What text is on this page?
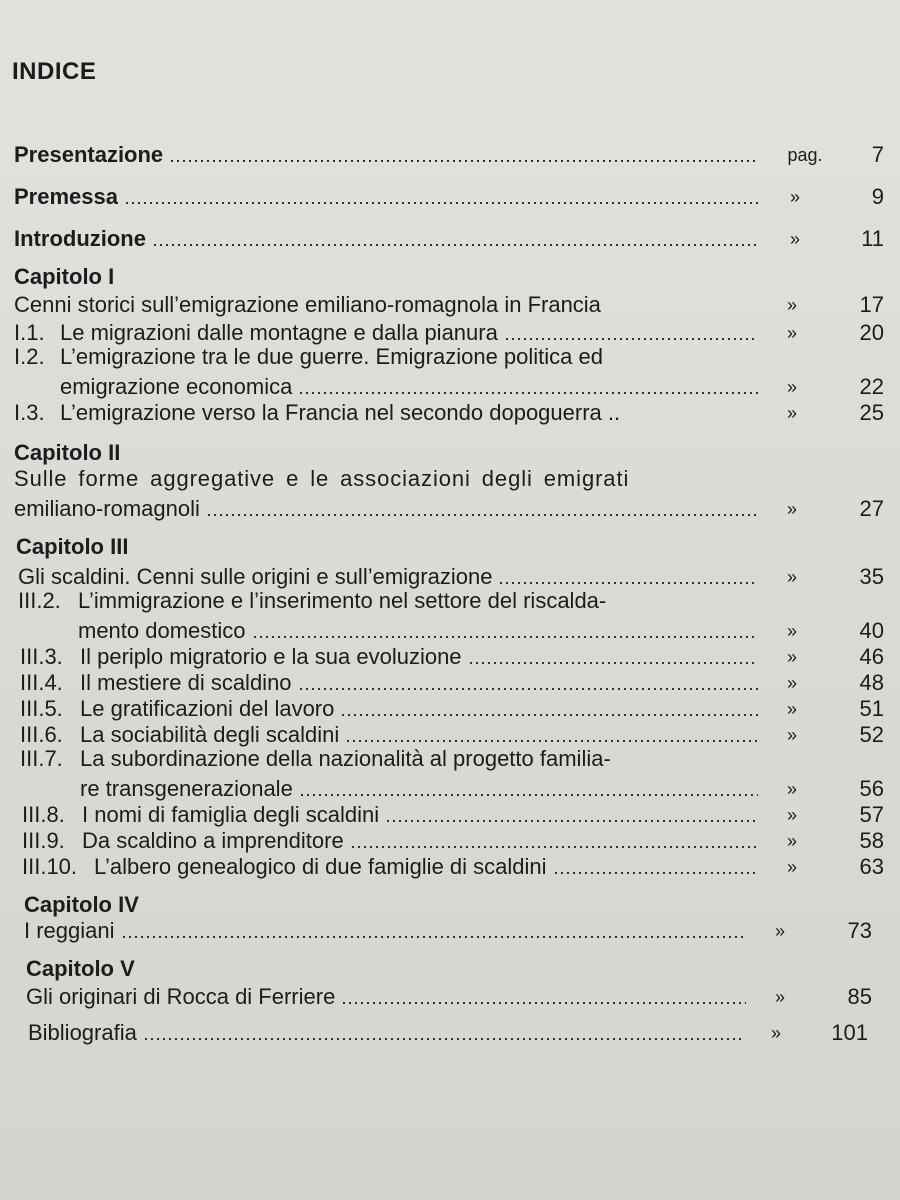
INDICE
Presentazione	pag.	7
Premessa	»	9
Introduzione	»	11
Capitolo I
Cenni storici sull’emigrazione emiliano-romagnola in Francia	»	17
I.1. Le migrazioni dalle montagne e dalla pianura	»	20
I.2. L’emigrazione tra le due guerre. Emigrazione politica ed
emigrazione economica	»	22
I.3. L’emigrazione verso la Francia nel secondo dopoguerra ..	»	25
Capitolo II
Sulle forme aggregative e le associazioni degli emigrati
emiliano-romagnoli	»	27
Capitolo III
Gli scaldini. Cenni sulle origini e sull’emigrazione	»	35
III.2. L’immigrazione e l’inserimento nel settore del riscalda-
mento domestico	»	40
III.3. Il periplo migratorio e la sua evoluzione	»	46
III.4. Il mestiere di scaldino	»	48
III.5. Le gratificazioni del lavoro	»	51
III.6. La sociabilità degli scaldini	»	52
III.7. La subordinazione della nazionalità al progetto familia-
re transgenerazionale	»	56
III.8. I nomi di famiglia degli scaldini	»	57
III.9. Da scaldino a imprenditore	»	58
III.10. L’albero genealogico di due famiglie di scaldini	»	63
Capitolo IV
I reggiani	»	73
Capitolo V
Gli originari di Rocca di Ferriere	»	85
Bibliografia	»	101
